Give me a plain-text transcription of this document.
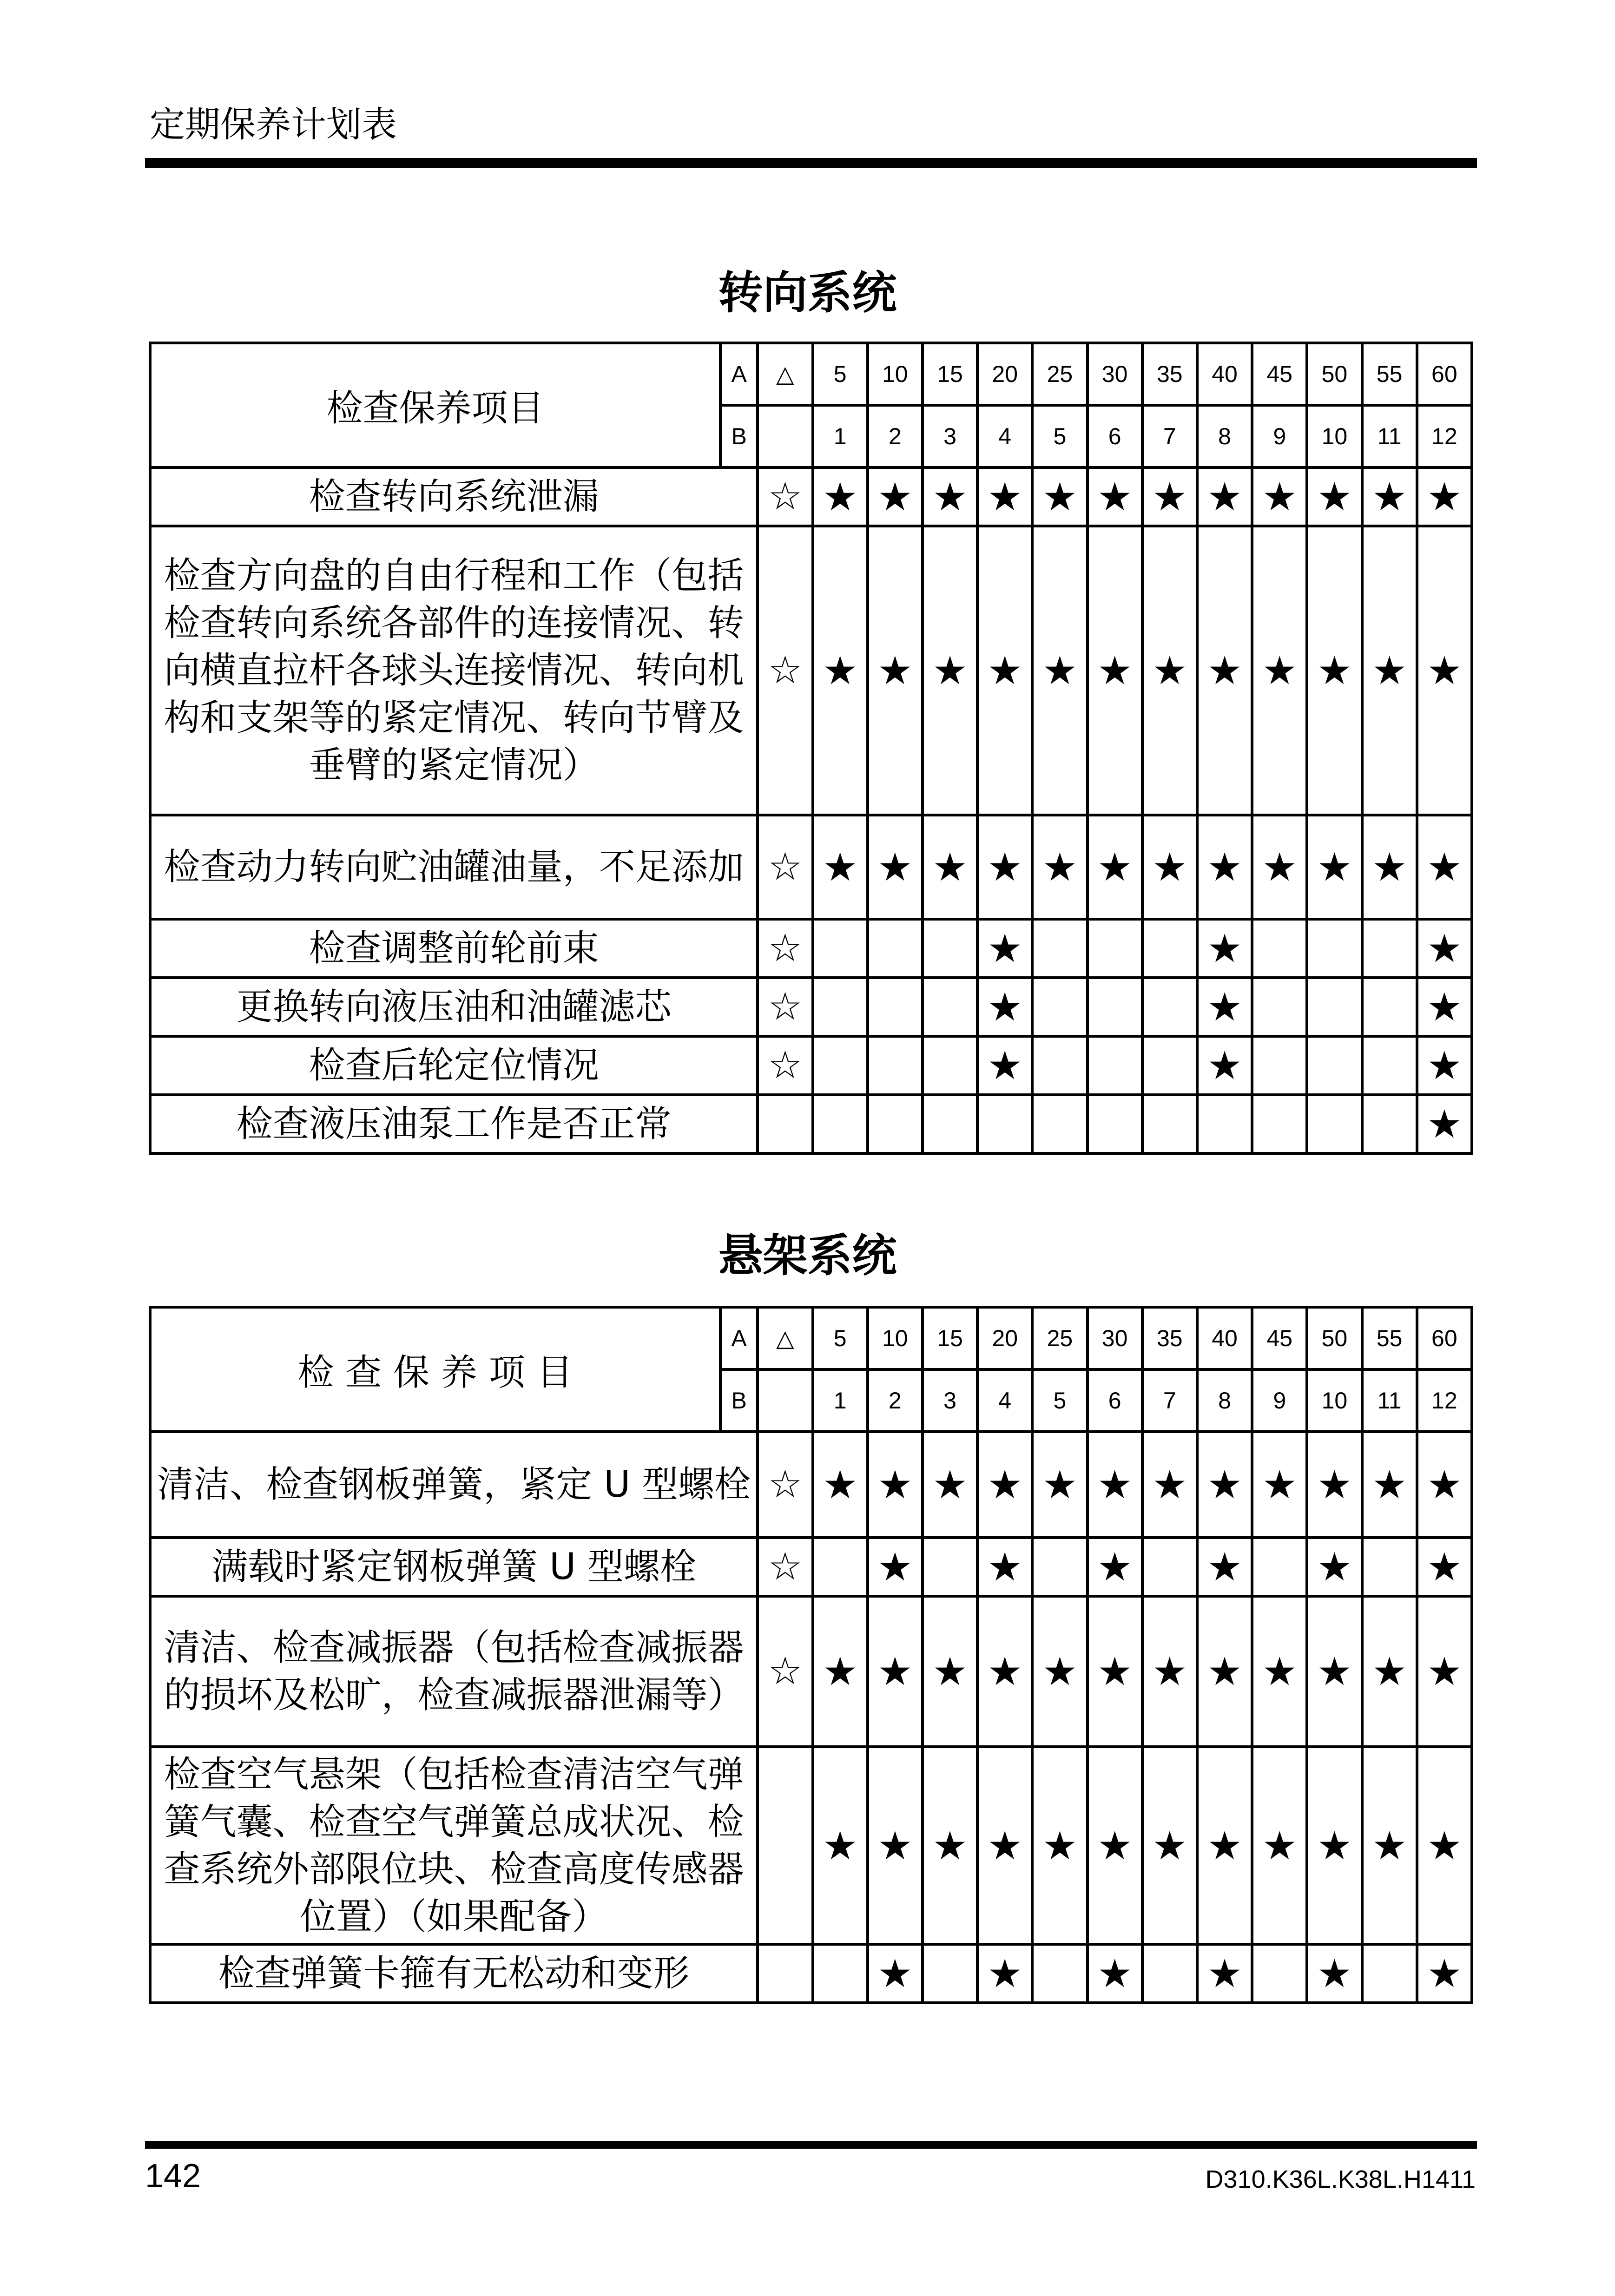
定期保养计划表
转向系统
检查保养项目	A	△	5	10	15	20	25	30	35	40	45	50	55	60
	B		1	2	3	4	5	6	7	8	9	10	11	12
检查转向系统泄漏		☆	★	★	★	★	★	★	★	★	★	★	★	★
检查方向盘的自由行程和工作（包括检查转向系统各部件的连接情况、转向横直拉杆各球头连接情况、转向机构和支架等的紧定情况、转向节臂及垂臂的紧定情况）		☆	★	★	★	★	★	★	★	★	★	★	★	★
检查动力转向贮油罐油量，不足添加		☆	★	★	★	★	★	★	★	★	★	★	★	★
检查调整前轮前束		☆				★				★				★
更换转向液压油和油罐滤芯		☆				★				★				★
检查后轮定位情况		☆				★				★				★
检查液压油泵工作是否正常														★
悬架系统
检 查 保 养 项 目	A	△	5	10	15	20	25	30	35	40	45	50	55	60
	B		1	2	3	4	5	6	7	8	9	10	11	12
清洁、检查钢板弹簧，紧定 U 型螺栓		☆	★	★	★	★	★	★	★	★	★	★	★	★
满载时紧定钢板弹簧 U 型螺栓		☆		★		★		★		★		★		★
清洁、检查减振器（包括检查减振器的损坏及松旷，检查减振器泄漏等）		☆	★	★	★	★	★	★	★	★	★	★	★	★
检查空气悬架（包括检查清洁空气弹簧气囊、检查空气弹簧总成状况、检查系统外部限位块、检查高度传感器位置）（如果配备）			★	★	★	★	★	★	★	★	★	★	★	★
检查弹簧卡箍有无松动和变形				★		★		★		★		★		★
142	D310.K36L.K38L.H1411
